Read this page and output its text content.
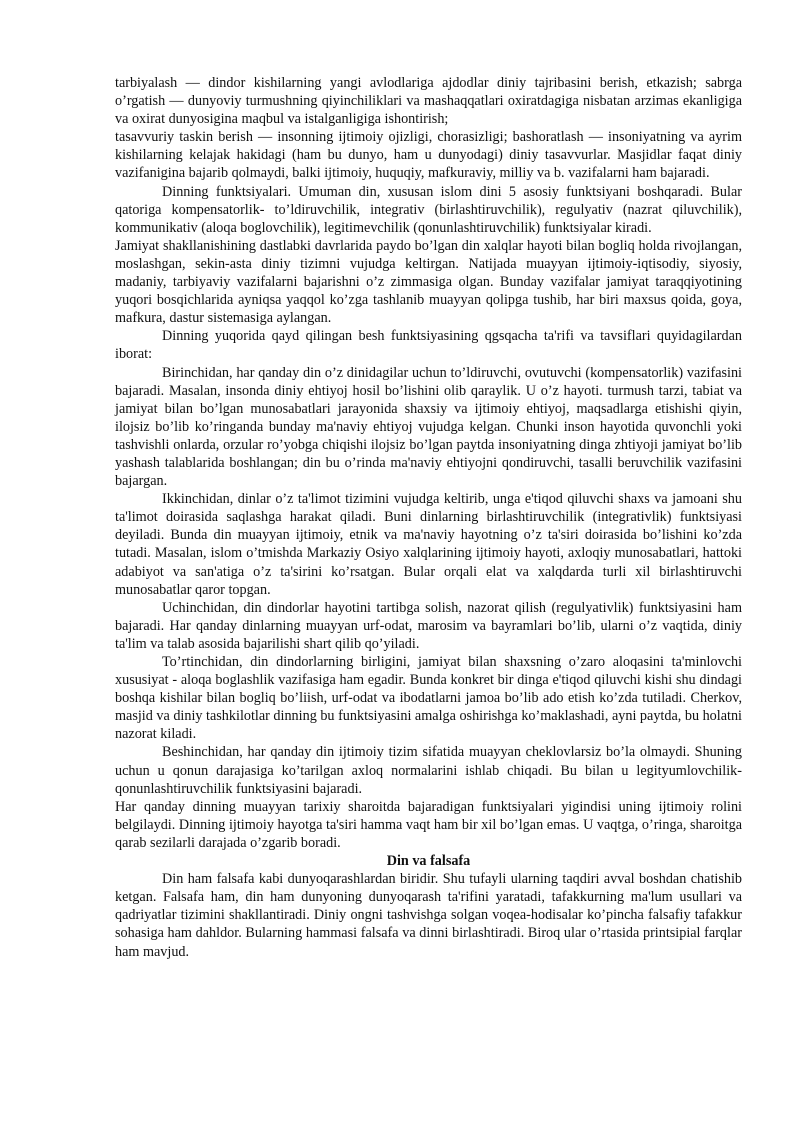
tarbiyalash — dindor kishilarning yangi avlodlariga ajdodlar diniy tajribasini berish, etkazish; sabrga o’rgatish — dunyoviy turmushning qiyinchiliklari va mashaqqatlari oxiratdagiga nisbatan arzimas ekanligiga va oxirat dunyosigina maqbul va istalganligiga ishontirish;

tasavvuriy taskin berish — insonning ijtimoiy ojizligi, chorasizligi; bashoratlash — insoniyatning va ayrim kishilarning kelajak hakidagi (ham bu dunyo, ham u dunyodagi) diniy tasavvurlar. Masjidlar faqat diniy vazifanigina bajarib qolmaydi, balki ijtimoiy, huquqiy, mafkuraviy, milliy va b. vazifalarni ham bajaradi.

Dinning funktsiyalari. Umuman din, xususan islom dini 5 asosiy funktsiyani boshqaradi. Bular qatoriga kompensatorlik- to’ldiruvchilik, integrativ (birlashtiruvchilik), regulyativ (nazrat qiluvchilik), kommunikativ (aloqa boglovchilik), legitimevchilik (qonunlashtiruvchilik) funktsiyalar kiradi.

Jamiyat shakllanishining dastlabki davrlarida paydo bo’lgan din xalqlar hayoti bilan bogliq holda rivojlangan, moslashgan, sekin-asta diniy tizimni vujudga keltirgan. Natijada muayyan ijtimoiy-iqtisodiy, siyosiy, madaniy, tarbiyaviy vazifalarni bajarishni o’z zimmasiga olgan. Bunday vazifalar jamiyat taraqqiyotining yuqori bosqichlarida ayniqsa yaqqol ko’zga tashlanib muayyan qolipga tushib, har biri maxsus qoida, goya, mafkura, dastur sistemasiga aylangan.

Dinning yuqorida qayd qilingan besh funktsiyasining qgsqacha ta'rifi va tavsiflari quyidagilardan iborat:

Birinchidan, har qanday din o’z dinidagilar uchun to’ldiruvchi, ovutuvchi (kompensatorlik) vazifasini bajaradi. Masalan, insonda diniy ehtiyoj hosil bo’lishini olib qaraylik. U o’z hayoti. turmush tarzi, tabiat va jamiyat bilan bo’lgan munosabatlari jarayonida shaxsiy va ijtimoiy ehtiyoj, maqsadlarga etishishi qiyin, ilojsiz bo’lib ko’ringanda bunday ma'naviy ehtiyoj vujudga kelgan. Chunki inson hayotida quvonchli yoki tashvishli onlarda, orzular ro’yobga chiqishi ilojsiz bo’lgan paytda insoniyatning dinga zhtiyoji jamiyat bo’lib yashash talablarida boshlangan; din bu o’rinda ma'naviy ehtiyojni qondiruvchi, tasalli beruvchilik vazifasini bajargan.

Ikkinchidan, dinlar o’z ta'limot tizimini vujudga keltirib, unga e'tiqod qiluvchi shaxs va jamoani shu ta'limot doirasida saqlashga harakat qiladi. Buni dinlarning birlashtiruvchilik (integrativlik) funktsiyasi deyiladi. Bunda din muayyan ijtimoiy, etnik va ma'naviy hayotning o’z ta'siri doirasida bo’lishini ko’zda tutadi. Masalan, islom o’tmishda Markaziy Osiyo xalqlarining ijtimoiy hayoti, axloqiy munosabatlari, hattoki adabiyot va san'atiga o’z ta'sirini ko’rsatgan. Bular orqali elat va xalqdarda turli xil birlashtiruvchi munosabatlar qaror topgan.

Uchinchidan, din dindorlar hayotini tartibga solish, nazorat qilish (regulyativlik) funktsiyasini ham bajaradi. Har qanday dinlarning muayyan urf-odat, marosim va bayramlari bo’lib, ularni o’z vaqtida, diniy ta'lim va talab asosida bajarilishi shart qilib qo’yiladi.

To’rtinchidan, din dindorlarning birligini, jamiyat bilan shaxsning o’zaro aloqasini ta'minlovchi xususiyat - aloqa boglashlik vazifasiga ham egadir. Bunda konkret bir dinga e'tiqod qiluvchi kishi shu dindagi boshqa kishilar bilan bogliq bo’liish, urf-odat va ibodatlarni jamoa bo’lib ado etish ko’zda tutiladi. Cherkov, masjid va diniy tashkilotlar dinning bu funktsiyasini amalga oshirishga ko’maklashadi, ayni paytda, bu holatni nazorat kiladi.

Beshinchidan, har qanday din ijtimoiy tizim sifatida muayyan cheklovlarsiz bo’la olmaydi. Shuning uchun u qonun darajasiga ko’tarilgan axloq normalarini ishlab chiqadi. Bu bilan u legityumlovchilik-qonunlashtiruvchilik funktsiyasini bajaradi.

Har qanday dinning muayyan tarixiy sharoitda bajaradigan funktsiyalari yigindisi uning ijtimoiy rolini belgilaydi. Dinning ijtimoiy hayotga ta'siri hamma vaqt ham bir xil bo’lgan emas. U vaqtga, o’ringa, sharoitga qarab sezilarli darajada o’zgarib boradi.

Din va falsafa

Din ham falsafa kabi dunyoqarashlardan biridir. Shu tufayli ularning taqdiri avval boshdan chatishib ketgan. Falsafa ham, din ham dunyoning dunyoqarash ta'rifini yaratadi, tafakkurning ma'lum usullari va qadriyatlar tizimini shakllantiradi. Diniy ongni tashvishga solgan voqea-hodisalar ko’pincha falsafiy tafakkur sohasiga ham dahldor. Bularning hammasi falsafa va dinni birlashtiradi. Biroq ular o’rtasida printsipial farqlar ham mavjud.
